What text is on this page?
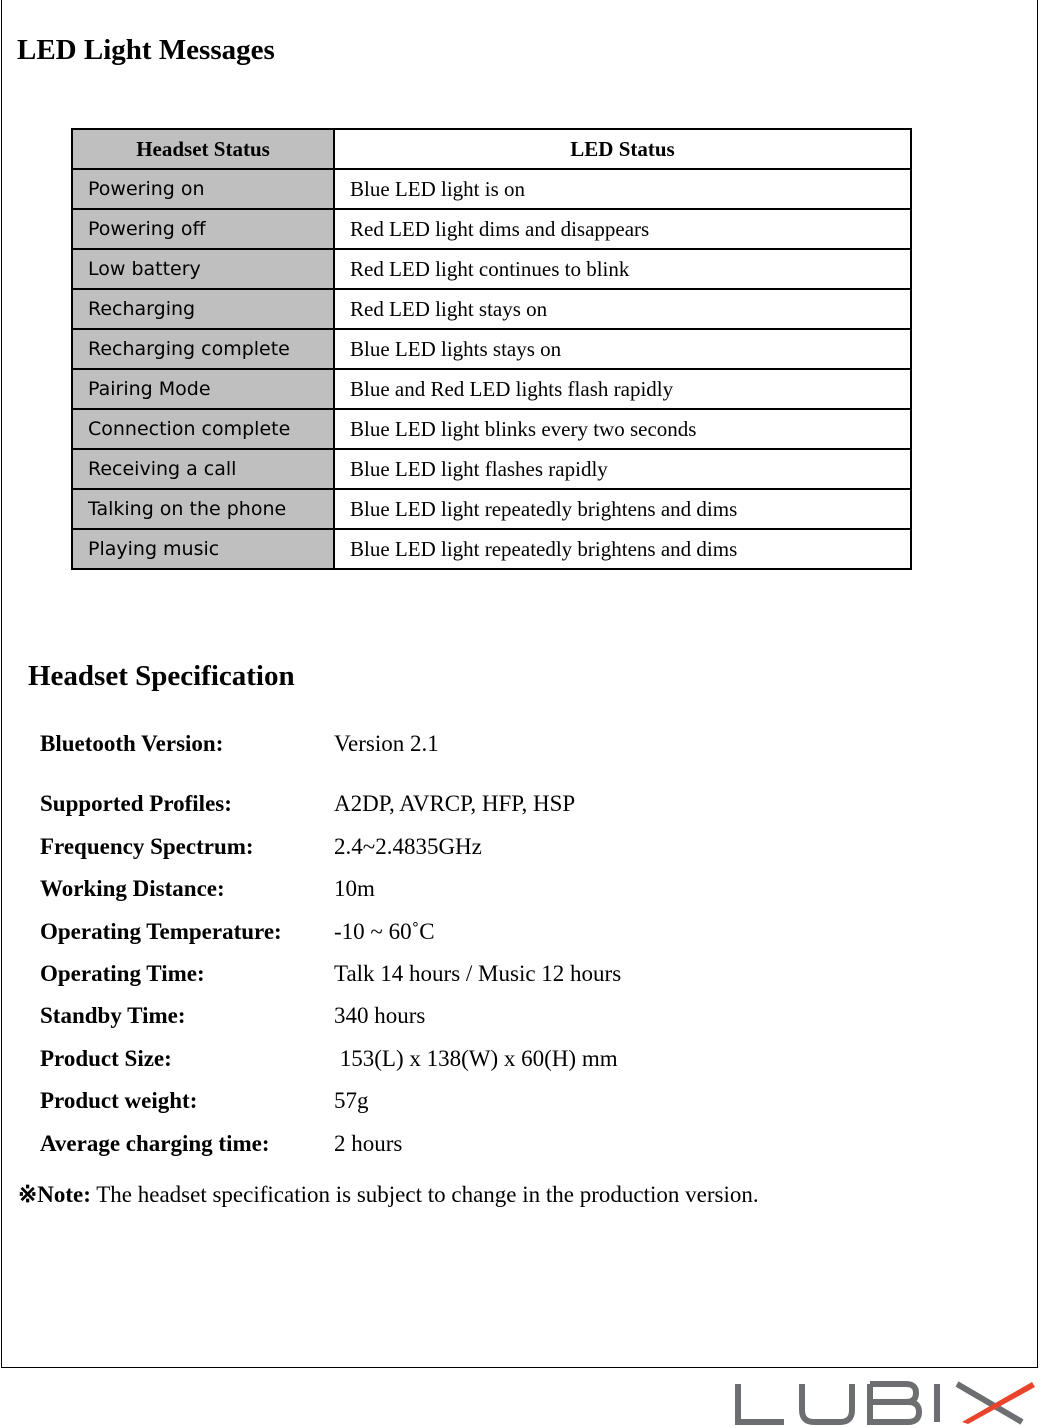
LED Light Messages
Headset Status	LED Status
Powering on	Blue LED light is on
Powering off	Red LED light dims and disappears
Low battery	Red LED light continues to blink
Recharging	Red LED light stays on
Recharging complete	Blue LED lights stays on
Pairing Mode	Blue and Red LED lights flash rapidly
Connection complete	Blue LED light blinks every two seconds
Receiving a call	Blue LED light flashes rapidly
Talking on the phone	Blue LED light repeatedly brightens and dims
Playing music	Blue LED light repeatedly brightens and dims
Headset Specification
Bluetooth Version:	Version 2.1
Supported Profiles:	A2DP, AVRCP, HFP, HSP
Frequency Spectrum:	2.4~2.4835GHz
Working Distance:	10m
Operating Temperature: -10 ~ 60˚C
Operating Time:	Talk 14 hours / Music 12 hours
Standby Time:	340 hours
Product Size:	153(L) x 138(W) x 60(H) mm
Product weight:	57g
Average charging time:	2 hours
※Note: The headset specification is subject to change in the production version.
